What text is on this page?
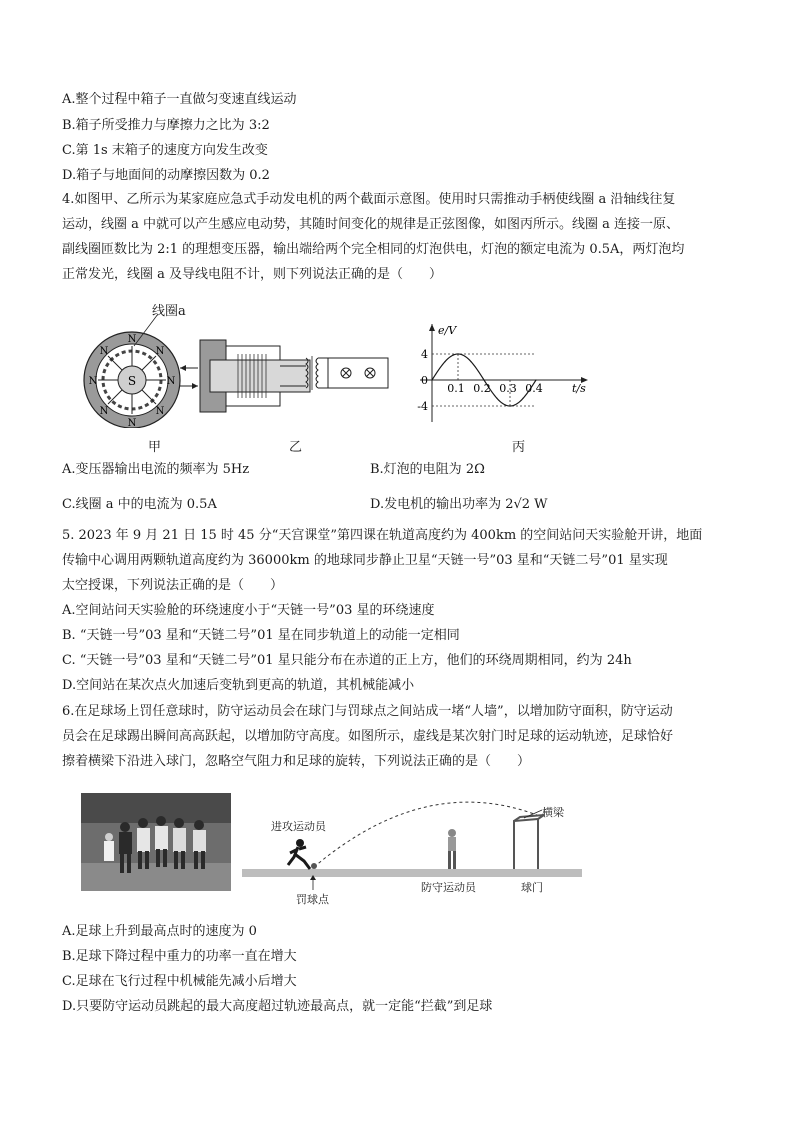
A.整个过程中箱子一直做匀变速直线运动
B.箱子所受推力与摩擦力之比为 3:2
C.第 1s 末箱子的速度方向发生改变
D.箱子与地面间的动摩擦因数为 0.2
4.如图甲、乙所示为某家庭应急式手动发电机的两个截面示意图。使用时只需推动手柄使线圈 a 沿轴线往复
运动，线圈 a 中就可以产生感应电动势，其随时间变化的规律是正弦图像，如图丙所示。线圈 a 连接一原、
副线圈匝数比为 2:1 的理想变压器，输出端给两个完全相同的灯泡供电，灯泡的额定电流为 0.5A，两灯泡均
正常发光，线圈 a 及导线电阻不计，则下列说法正确的是（　　）
S
N
N
N	N
N	N
N	N
线圈a
e/V
t/s
0
0.1 0.2 0.3 0.4
4
-4
甲	乙	丙
A.变压器输出电流的频率为 5Hz	B.灯泡的电阻为 2Ω
C.线圈 a 中的电流为 0.5A	D.发电机的输出功率为 2√2 W
5. 2023 年 9 月 21 日 15 时 45 分“天宫课堂”第四课在轨道高度约为 400km 的空间站问天实验舱开讲，地面
传输中心调用两颗轨道高度约为 36000km 的地球同步静止卫星“天链一号”03 星和“天链二号”01 星实现
太空授课，下列说法正确的是（　　）
A.空间站问天实验舱的环绕速度小于“天链一号”03 星的环绕速度
B. “天链一号”03 星和“天链二号”01 星在同步轨道上的动能一定相同
C. “天链一号”03 星和“天链二号”01 星只能分布在赤道的正上方，他们的环绕周期相同，约为 24h
D.空间站在某次点火加速后变轨到更高的轨道，其机械能减小
6.在足球场上罚任意球时，防守运动员会在球门与罚球点之间站成一堵“人墙”，以增加防守面积，防守运动
员会在足球踢出瞬间高高跃起，以增加防守高度。如图所示，虚线是某次射门时足球的运动轨迹，足球恰好
擦着横梁下沿进入球门，忽略空气阻力和足球的旋转，下列说法正确的是（　　）
进攻运动员
横梁
罚球点
防守运动员	球门
A.足球上升到最高点时的速度为 0
B.足球下降过程中重力的功率一直在增大
C.足球在飞行过程中机械能先减小后增大
D.只要防守运动员跳起的最大高度超过轨迹最高点，就一定能“拦截”到足球
